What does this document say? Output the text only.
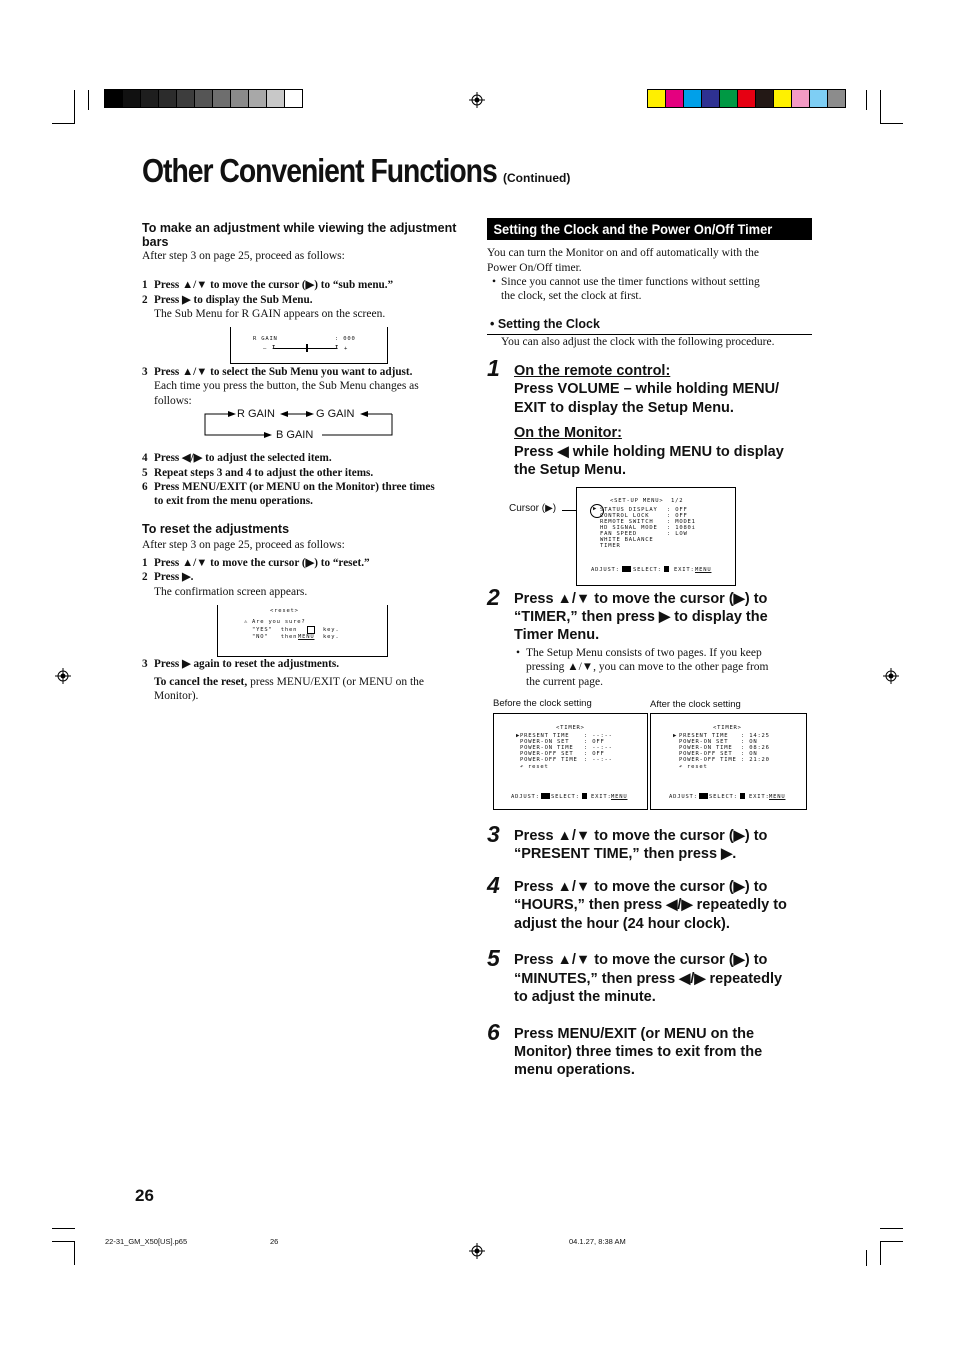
Other Convenient Functions (Continued)
To make an adjustment while viewing the adjustment bars
After step 3 on page 25, proceed as follows:
1 Press ▲/▼ to move the cursor (▶) to “sub menu.”
2 Press ▶ to display the Sub Menu.
The Sub Menu for R GAIN appears on the screen.
R GAIN	: 000
– I	I +
3 Press ▲/▼ to select the Sub Menu you want to adjust.
Each time you press the button, the Sub Menu changes as follows:
R GAIN	G GAIN
B GAIN
4 Press ◀/▶ to adjust the selected item.
5 Repeat steps 3 and 4 to adjust the other items.
6 Press MENU/EXIT (or MENU on the Monitor) three times
to exit from the menu operations.
To reset the adjustments
After step 3 on page 25, proceed as follows:
1 Press ▲/▼ to move the cursor (▶) to “reset.”
2 Press ▶.
The confirmation screen appears.
<reset>
⚠ Are you sure?
"YES"  then	key.
"NO"   then MENU key.
3 Press ▶ again to reset the adjustments.
To cancel the reset, press MENU/EXIT (or MENU on the
Monitor).
Setting the Clock and the Power On/Off Timer
You can turn the Monitor on and off automatically with the
Power On/Off timer.
• Since you cannot use the timer functions without setting
the clock, set the clock at first.
• Setting the Clock
You can also adjust the clock with the following procedure.
1 On the remote control:
Press VOLUME – while holding MENU/
EXIT to display the Setup Menu.
On the Monitor:
Press ◀ while holding MENU to display
the Setup Menu.
Cursor (▶)	▶
<SET-UP MENU> 1/2
STATUS DISPLAY : OFF
CONTROL LOCK	: OFF
REMOTE SWITCH : MODE1
HD SIGNAL MODE : 1080i
FAN SPEED	: LOW
WHITE BALANCE
TIMER
ADJUST: SELECT: EXIT: MENU
2 Press ▲/▼ to move the cursor (▶) to
“TIMER,” then press ▶ to display the
Timer Menu.
• The Setup Menu consists of two pages. If you keep
pressing ▲/▼, you can move to the other page from
the current page.
Before the clock setting	After the clock setting
<TIMER>
▶ PRESENT TIME	: --:--
POWER-ON SET	: OFF
POWER-ON TIME : --:--
POWER-OFF SET : OFF
POWER-OFF TIME : --:--
↶ reset
ADJUST: SELECT: EXIT: MENU
<TIMER>
▶ PRESENT TIME : 14:25
POWER-ON SET : ON
POWER-ON TIME : 08:26
POWER-OFF SET : ON
POWER-OFF TIME : 21:20
↶ reset
ADJUST: SELECT: EXIT: MENU
3 Press ▲/▼ to move the cursor (▶) to
“PRESENT TIME,” then press ▶.
4 Press ▲/▼ to move the cursor (▶) to
“HOURS,” then press ◀/▶ repeatedly to
adjust the hour (24 hour clock).
5 Press ▲/▼ to move the cursor (▶) to
“MINUTES,” then press ◀/▶ repeatedly
to adjust the minute.
6 Press MENU/EXIT (or MENU on the
Monitor) three times to exit from the
menu operations.
26
22-31_GM_X50[US].p65	26	04.1.27, 8:38 AM
